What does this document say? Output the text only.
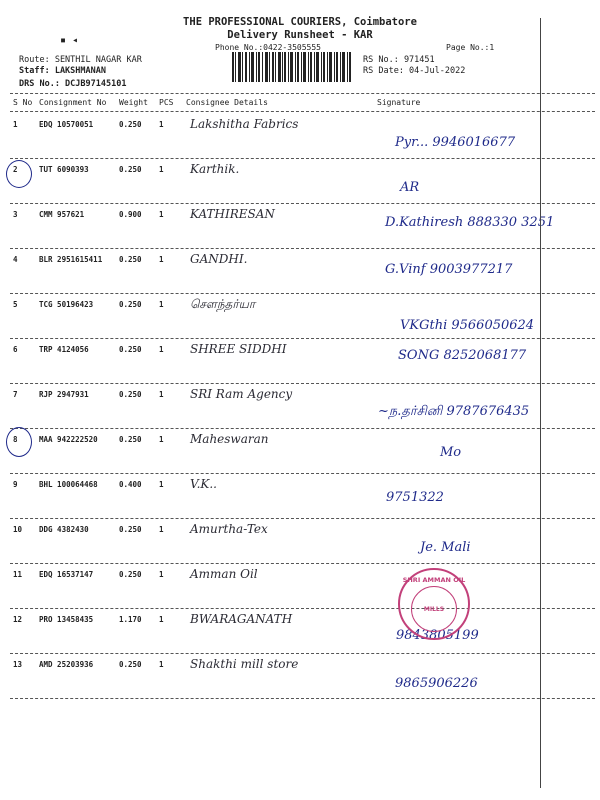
▪ ◂
THE PROFESSIONAL COURIERS, Coimbatore
Delivery Runsheet - KAR
Phone No.:0422-3505555	Page No.:1
Route: SENTHIL NAGAR KAR
Staff: LAKSHMANAN
DRS No.: DCJB97145101
RS No.: 971451
RS Date: 04-Jul-2022
S No Consignment No Weight PCS Consignee Details	Signature
1	EDQ 10570051	0.250 1 Lakshitha Fabrics
Pyr... 9946016677
2	TUT 6090393	0.250 1 Karthik.
AR
3	CMM 957621	0.900 1 KATHIRESAN
D.Kathiresh 888330 3251
4	BLR 2951615411 0.250 1 GANDHI.
G.Vinf 9003977217
5	TCG 50196423	0.250 1 சௌந்தர்யா
VKGthi 9566050624
6	TRP 4124056	0.250 1 SHREE SIDDHI	SONG 8252068177
7	RJP 2947931	0.250 1 SRI Ram Agency
~ந.தர்சினி 9787676435
8	MAA 942222520	0.250 1 Maheswaran
Mo
9	BHL 100064468	0.400 1 V.K..
9751322
10 DDG 4382430	0.250 1 Amurtha-Tex
Je. Mali
11 EDQ 16537147	0.250 1 Amman Oil
12 PRO 13458435	1.170 1 BWARAGANATH
9843805199
13 AMD 25203936	0.250 1 Shakthi mill store
9865906226
SHRI AMMAN OIL
MILLS
